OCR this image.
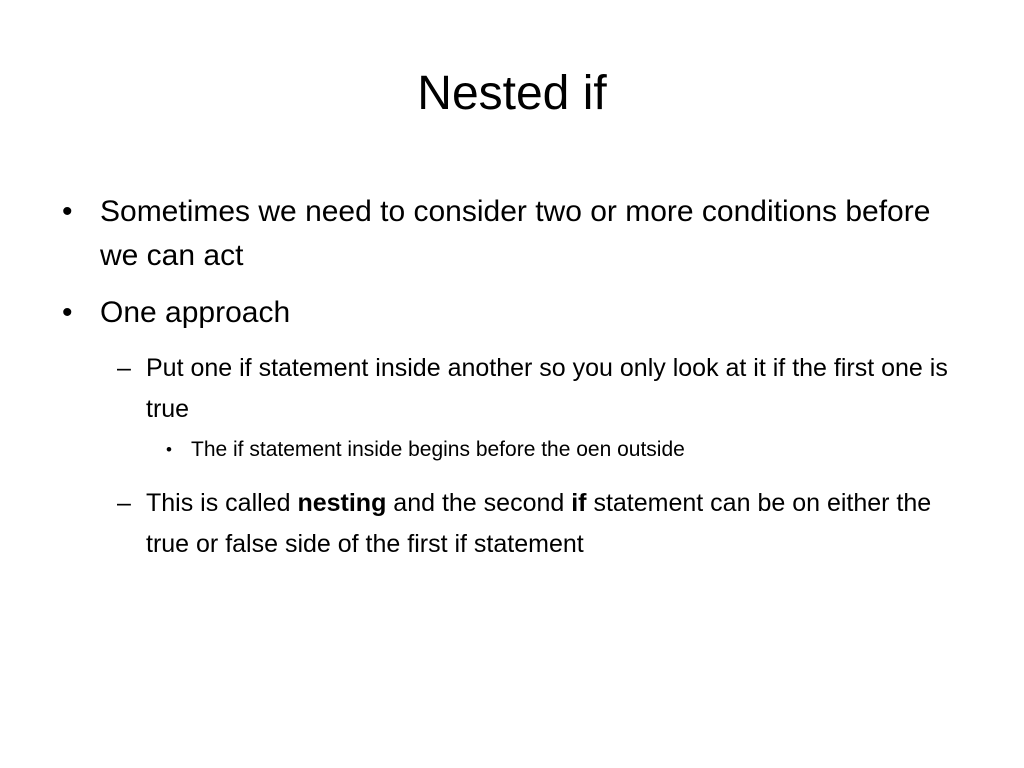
Nested if
• Sometimes we need to consider two or more conditions before we can act
• One approach
– Put one if statement inside another so you only look at it if the first one is true
• The if statement inside begins before the oen outside
– This is called nesting and the second if statement can be on either the true or false side of the first if statement
